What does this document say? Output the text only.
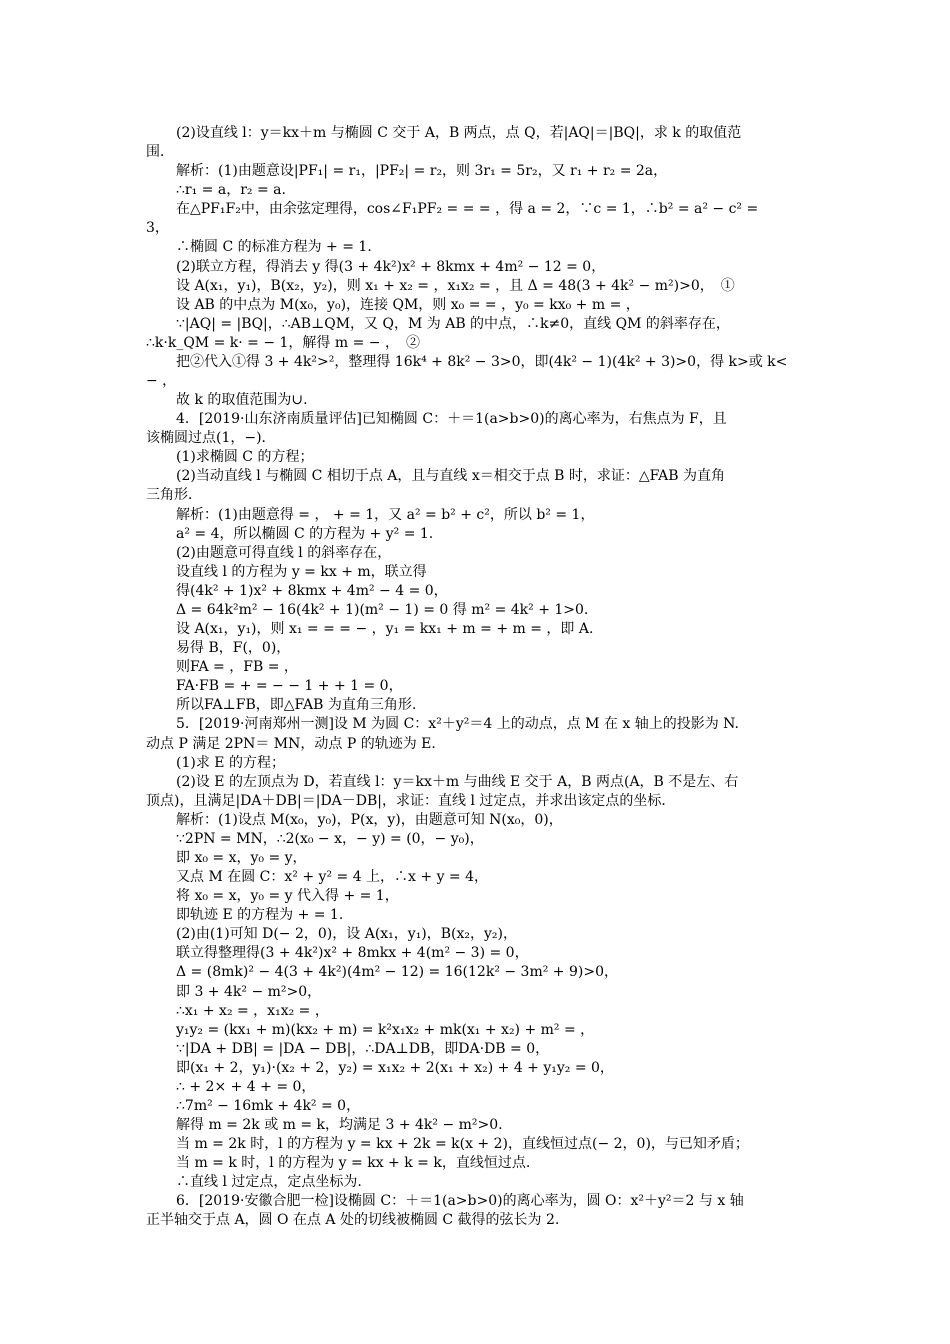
(2)设直线 l：y＝kx＋m 与椭圆 C 交于 A，B 两点，点 Q，若|AQ|＝|BQ|，求 k 的取值范
围．
解析：(1)由题意设|PF₁| = r₁，|PF₂| = r₂，则 3r₁ = 5r₂，又 r₁ + r₂ = 2a，
∴r₁ = a，r₂ = a.
在△PF₁F₂中，由余弦定理得，cos∠F₁PF₂ = = = ，得 a = 2，∵c = 1，∴b² = a² − c² =
3，
∴椭圆 C 的标准方程为 + = 1.
(2)联立方程，得消去 y 得(3 + 4k²)x² + 8kmx + 4m² − 12 = 0，
设 A(x₁，y₁)，B(x₂，y₂)，则 x₁ + x₂ = ，x₁x₂ = ，且 Δ = 48(3 + 4k² − m²)>0，　①
设 AB 的中点为 M(x₀，y₀)，连接 QM，则 x₀ = = ，y₀ = kx₀ + m = ，
∵|AQ| = |BQ|，∴AB⊥QM，又 Q，M 为 AB 的中点，∴k≠0，直线 QM 的斜率存在，
∴k·k_QM = k· = − 1，解得 m = − ，　②
把②代入①得 3 + 4k²>²，整理得 16k⁴ + 8k² − 3>0，即(4k² − 1)(4k² + 3)>0，得 k>或 k<
− ，
故 k 的取值范围为∪.
4．[2019·山东济南质量评估]已知椭圆 C：＋＝1(a>b>0)的离心率为，右焦点为 F，且
该椭圆过点(1，−)．
(1)求椭圆 C 的方程；
(2)当动直线 l 与椭圆 C 相切于点 A，且与直线 x＝相交于点 B 时，求证：△FAB 为直角
三角形．
解析：(1)由题意得 = ， + = 1，又 a² = b² + c²，所以 b² = 1，
a² = 4，所以椭圆 C 的方程为 + y² = 1.
(2)由题意可得直线 l 的斜率存在，
设直线 l 的方程为 y = kx + m，联立得
得(4k² + 1)x² + 8kmx + 4m² − 4 = 0，
Δ = 64k²m² − 16(4k² + 1)(m² − 1) = 0 得 m² = 4k² + 1>0.
设 A(x₁，y₁)，则 x₁ = = = − ，y₁ = kx₁ + m = + m = ，即 A.
易得 B，F(，0)，
则FA = ，FB = ，
FA·FB = + = − − 1 + + 1 = 0，
所以FA⊥FB，即△FAB 为直角三角形.
5．[2019·河南郑州一测]设 M 为圆 C：x²＋y²＝4 上的动点，点 M 在 x 轴上的投影为 N.
动点 P 满足 2PN＝ MN，动点 P 的轨迹为 E.
(1)求 E 的方程；
(2)设 E 的左顶点为 D，若直线 l：y＝kx＋m 与曲线 E 交于 A，B 两点(A，B 不是左、右
顶点)，且满足|DA＋DB|＝|DA－DB|，求证：直线 l 过定点，并求出该定点的坐标．
解析：(1)设点 M(x₀，y₀)，P(x，y)，由题意可知 N(x₀，0)，
∵2PN = MN，∴2(x₀ − x，− y) = (0，− y₀)，
即 x₀ = x，y₀ = y，
又点 M 在圆 C：x² + y² = 4 上，∴x + y = 4，
将 x₀ = x，y₀ = y 代入得 + = 1，
即轨迹 E 的方程为 + = 1.
(2)由(1)可知 D(− 2，0)，设 A(x₁，y₁)，B(x₂，y₂)，
联立得整理得(3 + 4k²)x² + 8mkx + 4(m² − 3) = 0，
Δ = (8mk)² − 4(3 + 4k²)(4m² − 12) = 16(12k² − 3m² + 9)>0，
即 3 + 4k² − m²>0，
∴x₁ + x₂ = ，x₁x₂ = ，
y₁y₂ = (kx₁ + m)(kx₂ + m) = k²x₁x₂ + mk(x₁ + x₂) + m² = ，
∵|DA + DB| = |DA − DB|，∴DA⊥DB，即DA·DB = 0，
即(x₁ + 2，y₁)·(x₂ + 2，y₂) = x₁x₂ + 2(x₁ + x₂) + 4 + y₁y₂ = 0，
∴ + 2× + 4 + = 0，
∴7m² − 16mk + 4k² = 0，
解得 m = 2k 或 m = k，均满足 3 + 4k² − m²>0.
当 m = 2k 时，l 的方程为 y = kx + 2k = k(x + 2)，直线恒过点(− 2，0)，与已知矛盾；
当 m = k 时，l 的方程为 y = kx + k = k，直线恒过点.
∴直线 l 过定点，定点坐标为.
6．[2019·安徽合肥一检]设椭圆 C：＋＝1(a>b>0)的离心率为，圆 O：x²＋y²＝2 与 x 轴
正半轴交于点 A，圆 O 在点 A 处的切线被椭圆 C 截得的弦长为 2.
